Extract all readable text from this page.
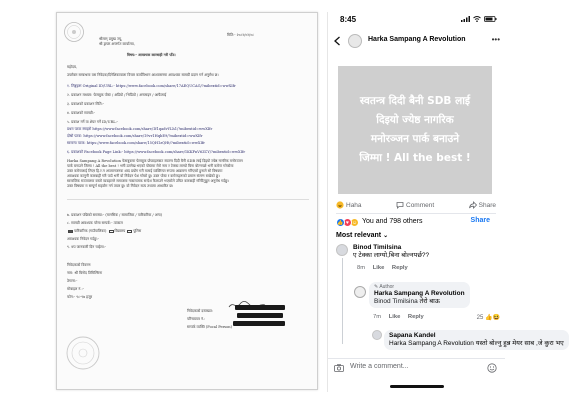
मिति:- २०८२/०२/०८
श्रीमान् प्रमुख ज्यू,
श्री ड्राफ्ट अन्तर्गत कार्यालय,
विषय:- आवश्यक कारबाही गरी पाँउ।
महोदय,
उपरोक्त सम्बन्धमा यस निवेदक/दिनेशिकावाला विचार कार्यविभाग आश्वासनमा आवश्यक सामग्री प्रदान गर्न अनुरोध छ।
१. लिङ्कहरू Original ID/URL:- https://www.facebook.com/share/17AEQUCAG/?mibextid=wwXIfr
२. प्रकाशन माध्यम: फेसबुक पोस्ट / अडियो / भिडियो / अनलाइन / आफैलाई
३. प्रकाशको प्रकाशन मिति:-
४. प्रकाशको सामग्री:-
५. प्रकाश गर्ने वा शेयर गर्ने ID/URL:-
प्रथम पटक स्माहरो https://www.facebook.com/share/1f1qadvYLh1/?mibextid=wwXIfr
दोस्रो पटक: https://www.facebook.com/share/19vr1HqbE9/?mibextid=wwXIfr
सामान्य पटक: https://www.facebook.com/share/15QH1zQHt/?mibextid=wwXIfr
६. प्रकाशको Facebook Page Link:- https://www.facebook.com/share/1KKFnV6ZCY/?mibextid=wwXIfr
Harka Sampang A Revolution फेसबुकमा फेसबुक प्रोफाइलबाट स्वतन्त्र दिदी बैनी SDB लाई दिइयो ज्येष्ठ नागरिक मनोरञ्जन
पार्क बनाउने जिम्मा ! All the best ! भनी उल्लेख भएको पोस्टमा मेरो नाम र टेक्का लाग्यो बिना बोल्नपर्छ भनी कमेन्ट गरेकोमा
उक्त कमेन्टलाई लिएर हि.र.न अपमानजनक शब्द प्रयोग गरी मलाई व्यक्तिगत रूपमा आक्रमण गरिएको हुनाले सो विषयमा
आवश्यक कानुनी कारबाही गरी पाउँ भनी यो निवेदन पेश गरेको छु। उक्त पोस्ट र कमेन्टहरूको प्रमाण संलग्न राखेको छु।
सामाजिक सञ्जालमा यस्तो व्यवहारले समाजमा नकारात्मक सन्देश फैलाउने भएकोले उचित कारबाही गरिदिनुहुन अनुरोध गर्दछु।
उक्त विषयमा म सम्पूर्ण सहयोग गर्न तयार छु। यो निवेदन सत्य तथ्यमा आधारित छ।
७. प्रकाशन पछिको समस्या:- (मानसिक / सामाजिक / पारिवारिक / अन्य)
८. सामग्री आवश्यक परेमा सम्पर्क:- तत्काल
पारिवारिक (गाउँपालिका) विद्यालय पुलिस
आवश्यक निवेदन गर्दछु:-
९. थप जानकारी दिन चाहेमा:-
निवेदकको विवरण
नाम: श्री बिनोद तिमिल्सिना
ठेगाना:-
मोबाइल नं.:-
फोन:- ९८-९७ हजुर
निवेदकको दस्तखत:
परिचयपत्र नं.:
सम्पर्क व्यक्ति (Focal Person)
8:45
Harka Sampang A Revolution	•••
स्वतन्त्र दिदी बैनी SDB लाई
दिइयो ज्येष्ठ नागरिक
मनोरञ्जन पार्क बनाउने
जिम्मा ! All the best !
Haha	Comment	Share
👍 ♥ ☺ You and 798 others	Share
Most relevant ⌄
Binod Timilsina
ए टेक्का लाग्यो,बिना बोल्नपर्छ??
8m Like Reply
✎ Author
Harka Sampang A Revolution
Binod Timilsina तेरो बाऊ
7m Like Reply	25 👍😆
Sapana Kandel
Harka Sampang A Revolution यस्तो बोल्नु हुन्न मेयर साब ,जे कुरा भए
Write a comment...
